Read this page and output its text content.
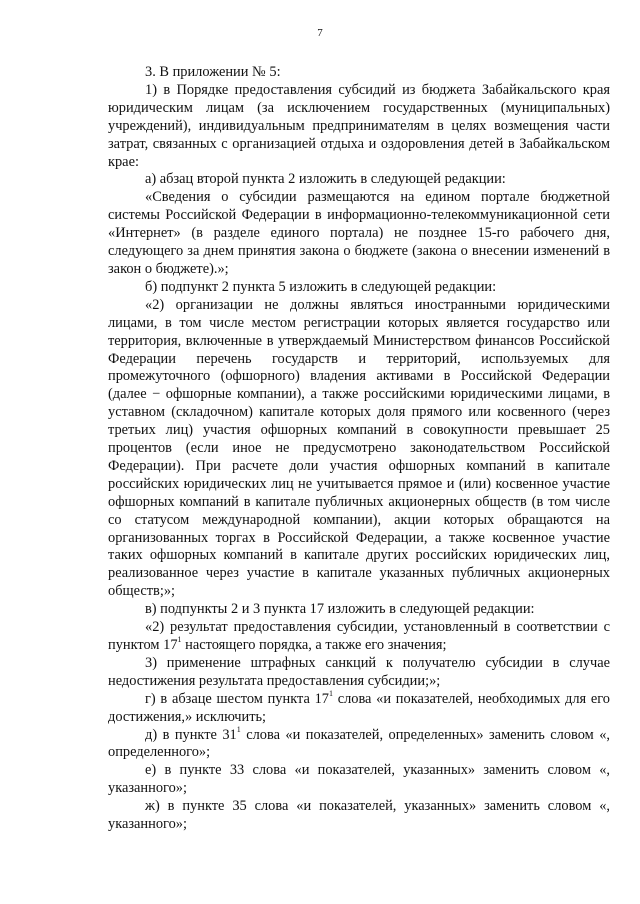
7

3. В приложении № 5:

1) в Порядке предоставления субсидий из бюджета Забайкальского края юридическим лицам (за исключением государственных (муниципальных) учреждений), индивидуальным предпринимателям в целях возмещения части затрат, связанных с организацией отдыха и оздоровления детей в Забайкальском крае:

а) абзац второй пункта 2 изложить в следующей редакции:

«Сведения о субсидии размещаются на едином портале бюджетной системы Российской Федерации в информационно-телекоммуникационной сети «Интернет» (в разделе единого портала) не позднее 15-го рабочего дня, следующего за днем принятия закона о бюджете (закона о внесении изменений в закон о бюджете).»;

б) подпункт 2 пункта 5 изложить в следующей редакции:

«2) организации не должны являться иностранными юридическими лицами, в том числе местом регистрации которых является государство или территория, включенные в утверждаемый Министерством финансов Российской Федерации перечень государств и территорий, используемых для промежуточного (офшорного) владения активами в Российской Федерации (далее − офшорные компании), а также российскими юридическими лицами, в уставном (складочном) капитале которых доля прямого или косвенного (через третьих лиц) участия офшорных компаний в совокупности превышает 25 процентов (если иное не предусмотрено законодательством Российской Федерации). При расчете доли участия офшорных компаний в капитале российских юридических лиц не учитывается прямое и (или) косвенное участие офшорных компаний в капитале публичных акционерных обществ (в том числе со статусом международной компании), акции которых обращаются на организованных торгах в Российской Федерации, а также косвенное участие таких офшорных компаний в капитале других российских юридических лиц, реализованное через участие в капитале указанных публичных акционерных обществ;»;

в) подпункты 2 и 3 пункта 17 изложить в следующей редакции:

«2) результат предоставления субсидии, установленный в соответствии с пунктом $17^1$ настоящего порядка, а также его значения;

3) применение штрафных санкций к получателю субсидии в случае недостижения результата предоставления субсидии;»;

г) в абзаце шестом пункта $17^1$ слова «и показателей, необходимых для его достижения,» исключить;

д) в пункте $31^1$ слова «и показателей, определенных» заменить словом «, определенного»;

е) в пункте 33 слова «и показателей, указанных» заменить словом «, указанного»;

ж) в пункте 35 слова «и показателей, указанных» заменить словом «, указанного»;
